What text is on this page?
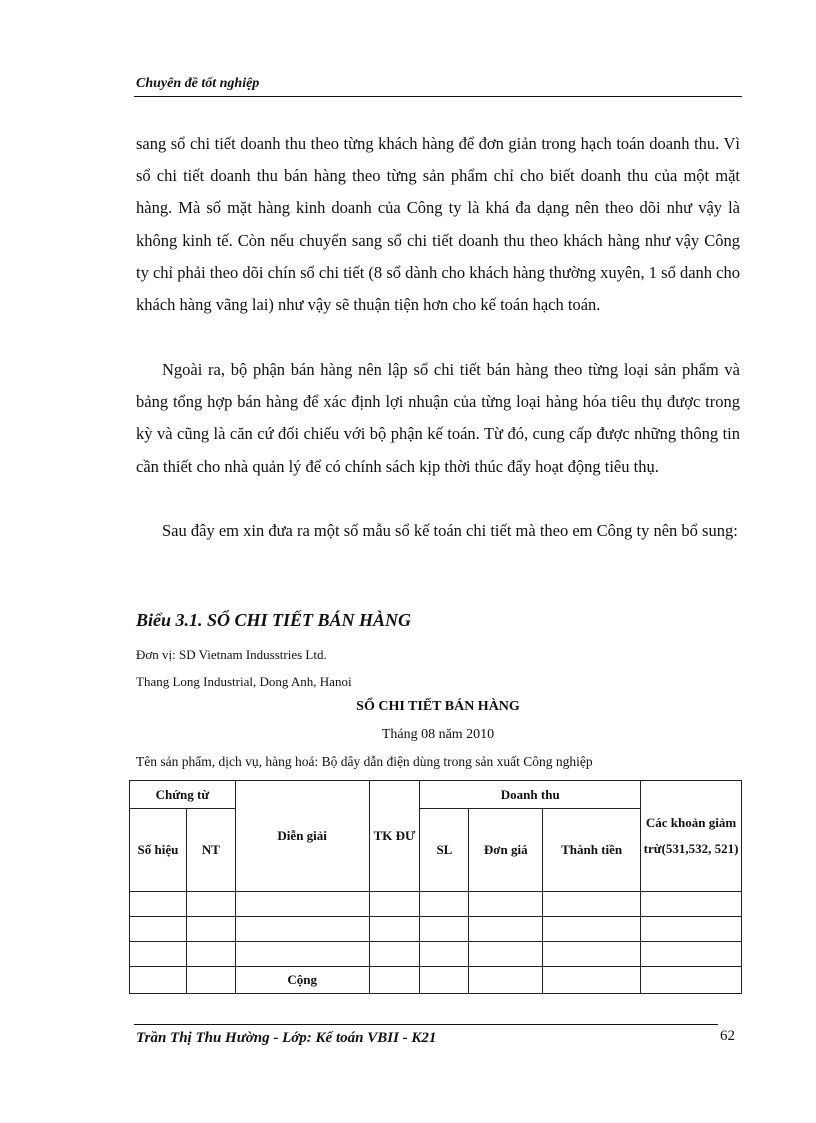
Chuyên đề tốt nghiệp

sang sổ chi tiết doanh thu theo từng khách hàng để đơn giản trong hạch toán doanh thu. Vì sổ chi tiết doanh thu bán hàng theo từng sản phẩm chỉ cho biết doanh thu của một mặt hàng. Mà số mặt hàng kinh doanh của Công ty là khá đa dạng nên theo dõi như vậy là không kinh tế. Còn nếu chuyển sang sổ chi tiết doanh thu theo khách hàng như vậy Công ty chỉ phải theo dõi chín sổ chi tiết (8 sổ dành cho khách hàng thường xuyên, 1 sổ danh cho khách hàng vãng lai) như vậy sẽ thuận tiện hơn cho kế toán hạch toán.

Ngoài ra, bộ phận bán hàng nên lập sổ chi tiết bán hàng theo từng loại sản phẩm và bảng tổng hợp bán hàng để xác định lợi nhuận của từng loại hàng hóa tiêu thụ được trong kỳ và cũng là căn cứ đối chiếu với bộ phận kế toán. Từ đó, cung cấp được những thông tin cần thiết cho nhà quản lý để có chính sách kịp thời thúc đẩy hoạt động tiêu thụ.

Sau đây em xin đưa ra một số mẫu sổ kế toán chi tiết mà theo em Công ty nên bổ sung:

Biểu 3.1. SỔ CHI TIẾT BÁN HÀNG
Đơn vị: SD Vietnam Indusstries Ltd.
Thang Long Industrial, Dong Anh, Hanoi
SỔ CHI TIẾT BÁN HÀNG
Tháng 08 năm 2010
Tên sản phẩm, dịch vụ, hàng hoá: Bộ dây dẫn điện dùng trong sản xuất Công nghiệp
Chứng từ		Diễn giải	TK ĐƯ	Doanh thu			Các khoản giảm trừ(531,532, 521)
Số hiệu	NT			SL	Đơn giá	Thành tiền	

		Cộng					
Trần Thị Thu Hường - Lớp: Kế toán VBII - K21	62
